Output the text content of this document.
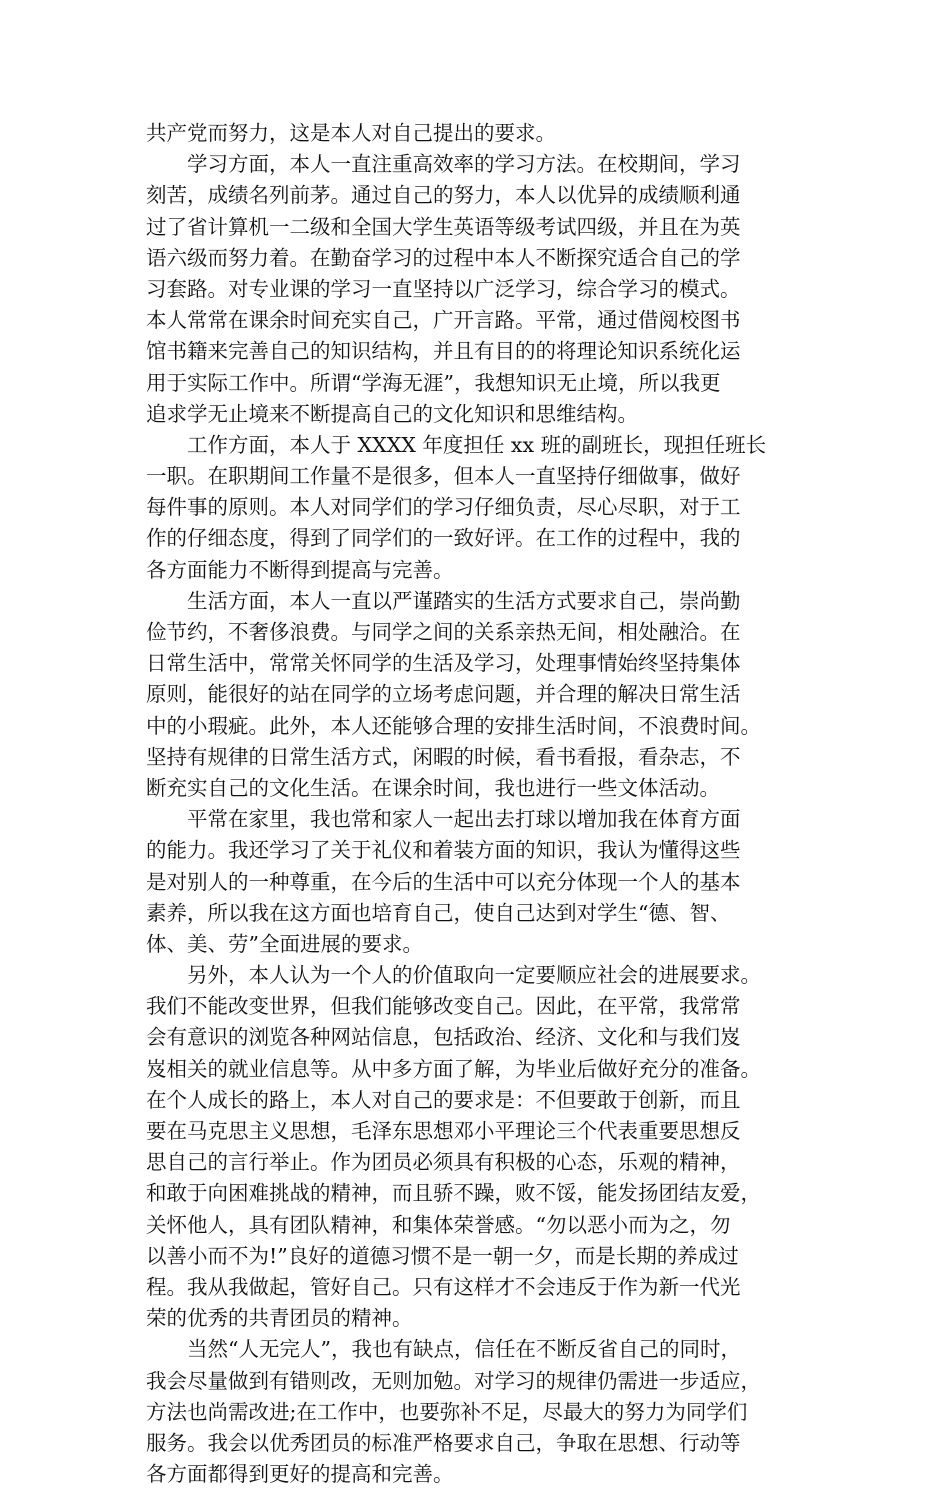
共产党而努力，这是本人对自己提出的要求。
学习方面，本人一直注重高效率的学习方法。在校期间，学习
刻苦，成绩名列前茅。通过自己的努力，本人以优异的成绩顺利通
过了省计算机一二级和全国大学生英语等级考试四级，并且在为英
语六级而努力着。在勤奋学习的过程中本人不断探究适合自己的学
习套路。对专业课的学习一直坚持以广泛学习，综合学习的模式。
本人常常在课余时间充实自己，广开言路。平常，通过借阅校图书
馆书籍来完善自己的知识结构，并且有目的的将理论知识系统化运
用于实际工作中。所谓“学海无涯”，我想知识无止境，所以我更
追求学无止境来不断提高自己的文化知识和思维结构。
工作方面，本人于 XXXX 年度担任 xx 班的副班长，现担任班长
一职。在职期间工作量不是很多，但本人一直坚持仔细做事，做好
每件事的原则。本人对同学们的学习仔细负责，尽心尽职，对于工
作的仔细态度，得到了同学们的一致好评。在工作的过程中，我的
各方面能力不断得到提高与完善。
生活方面，本人一直以严谨踏实的生活方式要求自己，崇尚勤
俭节约，不奢侈浪费。与同学之间的关系亲热无间，相处融洽。在
日常生活中，常常关怀同学的生活及学习，处理事情始终坚持集体
原则，能很好的站在同学的立场考虑问题，并合理的解决日常生活
中的小瑕疵。此外，本人还能够合理的安排生活时间，不浪费时间。
坚持有规律的日常生活方式，闲暇的时候，看书看报，看杂志，不
断充实自己的文化生活。在课余时间，我也进行一些文体活动。
平常在家里，我也常和家人一起出去打球以增加我在体育方面
的能力。我还学习了关于礼仪和着装方面的知识，我认为懂得这些
是对别人的一种尊重，在今后的生活中可以充分体现一个人的基本
素养，所以我在这方面也培育自己，使自己达到对学生“德、智、
体、美、劳”全面进展的要求。
另外，本人认为一个人的价值取向一定要顺应社会的进展要求。
我们不能改变世界，但我们能够改变自己。因此，在平常，我常常
会有意识的浏览各种网站信息，包括政治、经济、文化和与我们岌
岌相关的就业信息等。从中多方面了解，为毕业后做好充分的准备。
在个人成长的路上，本人对自己的要求是：不但要敢于创新，而且
要在马克思主义思想，毛泽东思想邓小平理论三个代表重要思想反
思自己的言行举止。作为团员必须具有积极的心态，乐观的精神，
和敢于向困难挑战的精神，而且骄不躁，败不馁，能发扬团结友爱，
关怀他人，具有团队精神，和集体荣誉感。“勿以恶小而为之，勿
以善小而不为!”良好的道德习惯不是一朝一夕，而是长期的养成过
程。我从我做起，管好自己。只有这样才不会违反于作为新一代光
荣的优秀的共青团员的精神。
当然“人无完人”，我也有缺点，信任在不断反省自己的同时，
我会尽量做到有错则改，无则加勉。对学习的规律仍需进一步适应，
方法也尚需改进;在工作中，也要弥补不足，尽最大的努力为同学们
服务。我会以优秀团员的标准严格要求自己，争取在思想、行动等
各方面都得到更好的提高和完善。
